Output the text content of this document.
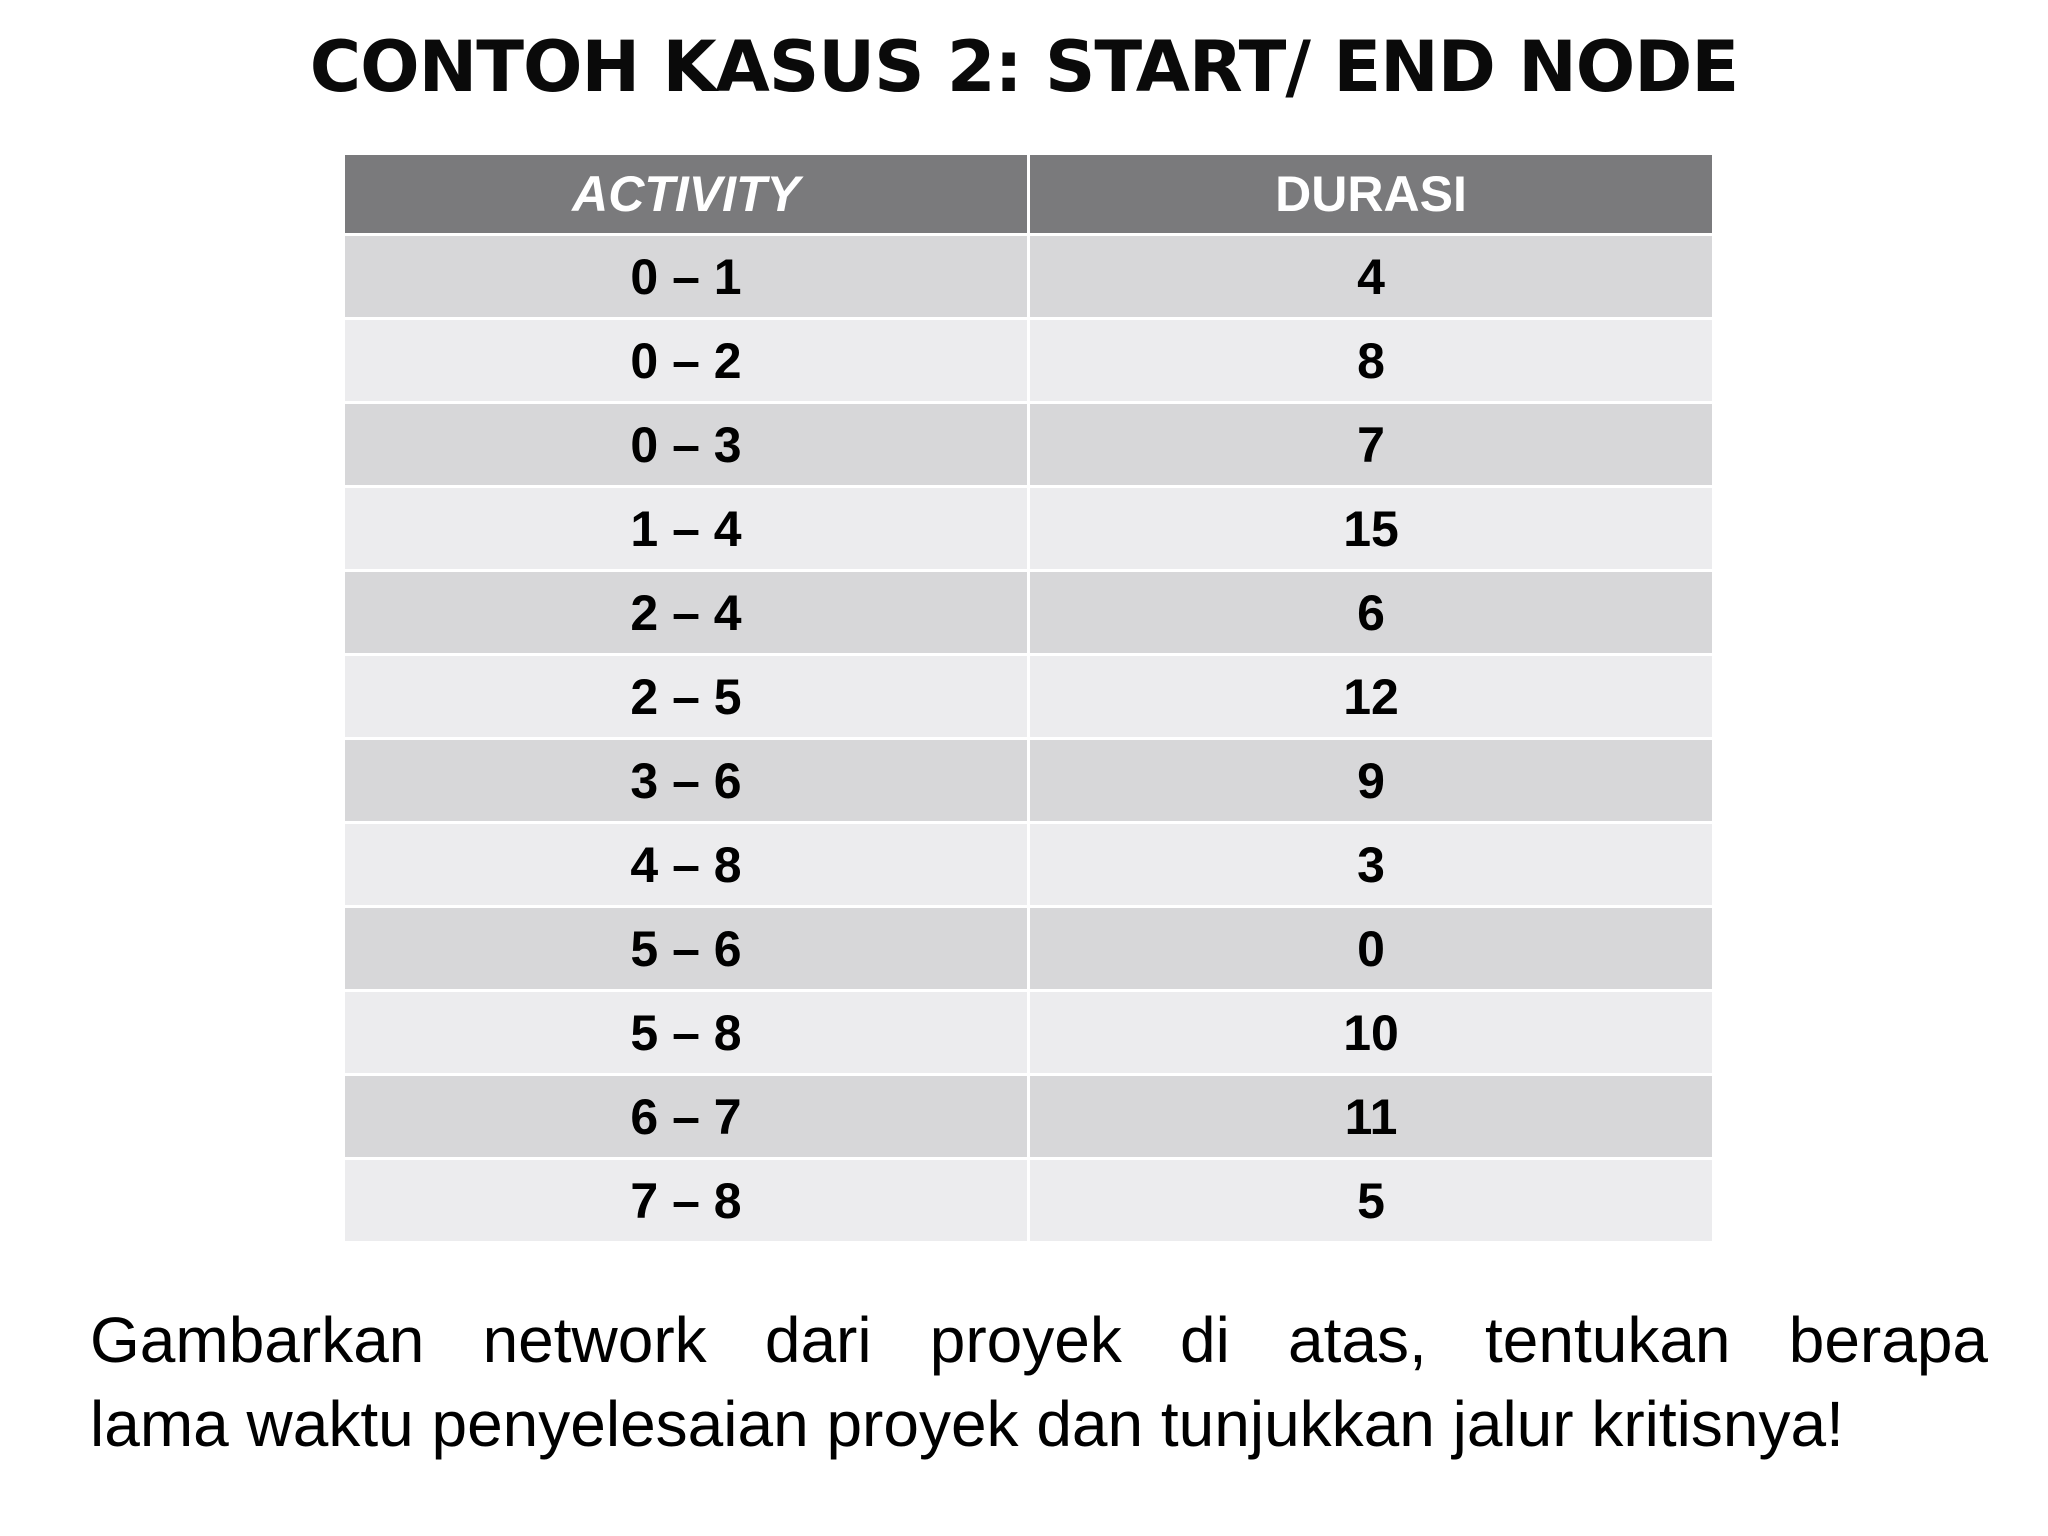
CONTOH KASUS 2: START/ END NODE
ACTIVITY	DURASI
0 – 1	4
0 – 2	8
0 – 3	7
1 – 4	15
2 – 4	6
2 – 5	12
3 – 6	9
4 – 8	3
5 – 6	0
5 – 8	10
6 – 7	11
7 – 8	5
Gambarkan network dari proyek di atas, tentukan berapa
lama waktu penyelesaian proyek dan tunjukkan jalur kritisnya!
